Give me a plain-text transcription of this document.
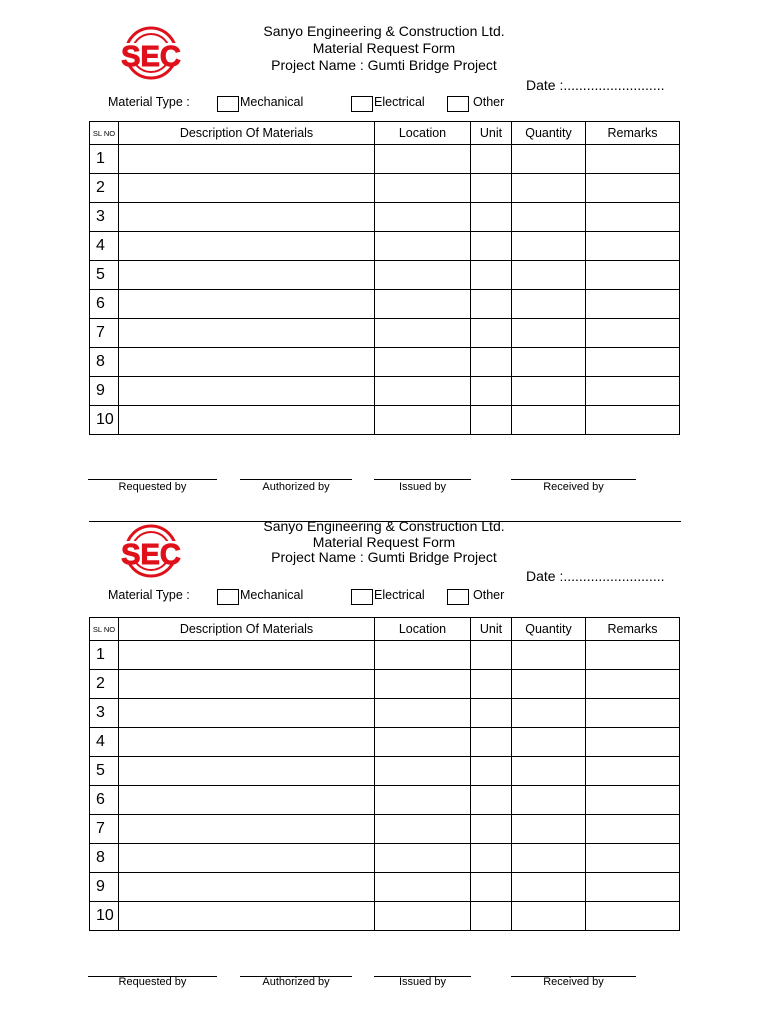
SEC
Sanyo Engineering & Construction Ltd.
Material Request Form
Project Name : Gumti Bridge Project
Date :..........................
Material Type :	Mechanical	Electrical	Other
SL NO	Description Of Materials	Location	Unit	Quantity	Remarks
1					
2					
3					
4					
5					
6					
7					
8					
9					
10					
Requested by	Authorized by	Issued by	Received by
SEC
Sanyo Engineering & Construction Ltd.
Material Request Form
Project Name : Gumti Bridge Project
Date :..........................
Material Type :	Mechanical	Electrical	Other
SL NO	Description Of Materials	Location	Unit	Quantity	Remarks
1					
2					
3					
4					
5					
6					
7					
8					
9					
10					
Requested by	Authorized by	Issued by	Received by
